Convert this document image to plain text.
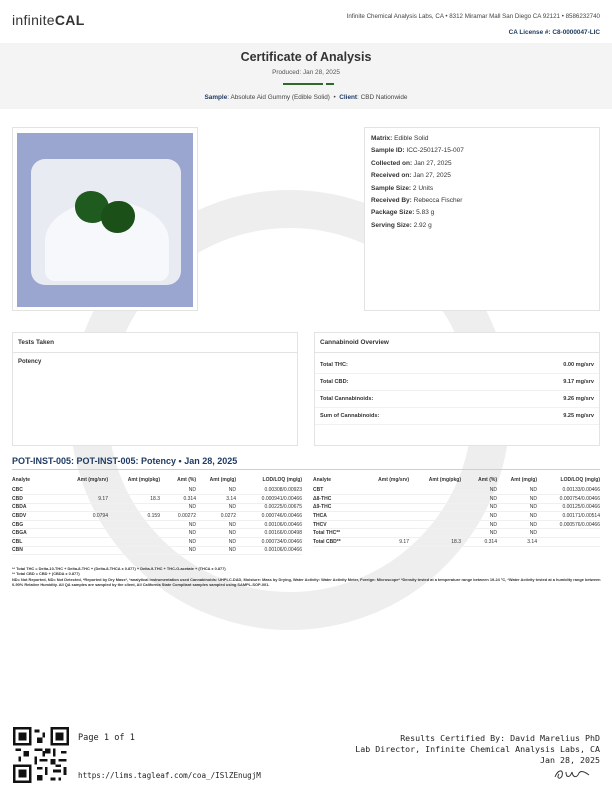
infiniteCAL	Infinite Chemical Analysis Labs, CA • 8312 Miramar Mall San Diego CA 92121 • 8586232740
CA License #: C8-0000047-LIC
Certificate of Analysis
Produced: Jan 28, 2025
Sample: Absolute Aid Gummy (Edible Solid) • Client: CBD Nationwide
Matrix: Edible Solid
Sample ID: ICC-250127-15-007
Collected on: Jan 27, 2025
Received on: Jan 27, 2025
Sample Size: 2 Units
Received By: Rebecca Fischer
Package Size: 5.83 g
Serving Size: 2.92 g
Tests Taken
Potency
Cannabinoid Overview
Total THC:	0.00 mg/srv
Total CBD:	9.17 mg/srv
Total Cannabinoids:	9.26 mg/srv
Sum of Cannabinoids:	9.25 mg/srv
POT-INST-005: POT-INST-005: Potency • Jan 28, 2025
Analyte	Amt (mg/srv)	Amt (mg/pkg)	Amt (%)	Amt (mg/g)	LOD/LOQ (mg/g)
CBC			ND	ND	0.00308/0.00923
CBD	9.17	18.3	0.314	3.14	0.000941/0.00466
CBDA			ND	ND	0.00225/0.00675
CBDV	0.0794	0.159	0.00272	0.0272	0.000746/0.00466
CBG			ND	ND	0.00106/0.00466
CBGA			ND	ND	0.00166/0.00498
CBL			ND	ND	0.000734/0.00466
CBN			ND	ND	0.00106/0.00466
Analyte	Amt (mg/srv)	Amt (mg/pkg)	Amt (%)	Amt (mg/g)	LOD/LOQ (mg/g)
CBT			ND	ND	0.00133/0.00466
Δ8-THC			ND	ND	0.000754/0.00466
Δ9-THC			ND	ND	0.00125/0.00466
THCA			ND	ND	0.00171/0.00514
THCV			ND	ND	0.000576/0.00466
Total THC**			ND	ND	
Total CBD**	9.17	18.3	0.314	3.14	
** Total THC = Delta-10-THC + Delta-8-THC + (Delta-8-THCA x 0.877) + Delta-9-THC + THC-O-acetate + (THCA x 0.877)
** Total CBD = CBD + (CBDA x 0.877)
ND= Not Reported, ND= Not Detected, *Reported by Dry Mass*, *analytical instrumentation used Cannabinoids: UHPLC-DAD, Moisture: Mass by Drying, Water Activity: Water Activity Meter, Foreign: Microscope* *Density tested at a temperature range between 19-24 °C, *Water Activity tested at a humidity range between 0-90% Relative Humidity. All QA samples are sampled by the client, All California State Compliant samples sampled using SAMPL-SOP-001.
Page 1 of 1
https://lims.tagleaf.com/coa_/ISlZEnugjM
Results Certified By: David Marelius PhD
Lab Director, Infinite Chemical Analysis Labs, CA
Jan 28, 2025
